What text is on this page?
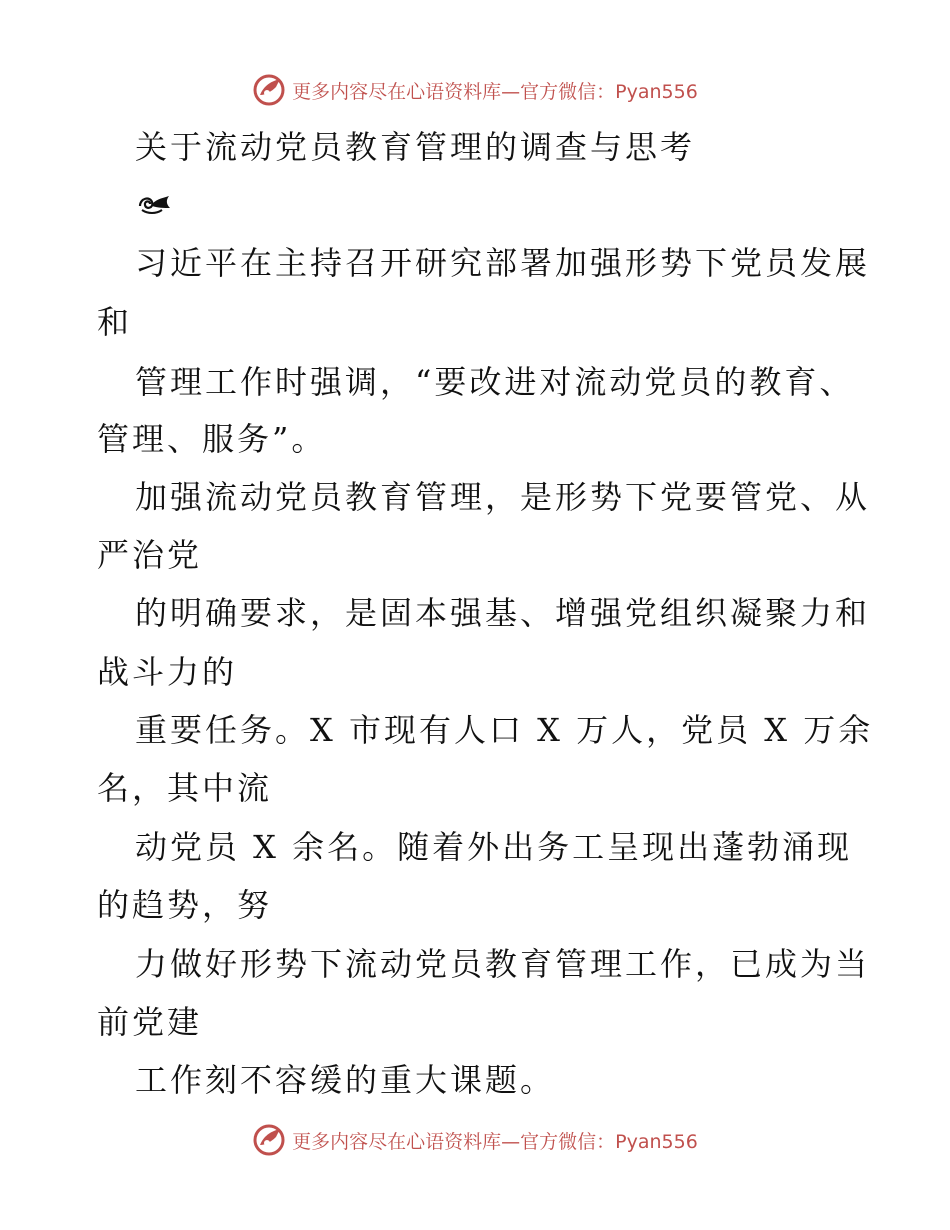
更多内容尽在心语资料库—官方微信：Pyan556
关于流动党员教育管理的调查与思考
习近平在主持召开研究部署加强形势下党员发展
和
管理工作时强调，“要改进对流动党员的教育、
管理、服务”。
加强流动党员教育管理，是形势下党要管党、从
严治党
的明确要求，是固本强基、增强党组织凝聚力和
战斗力的
重要任务。X 市现有人口 X 万人，党员 X 万余
名，其中流
动党员 X 余名。随着外出务工呈现出蓬勃涌现
的趋势，努
力做好形势下流动党员教育管理工作，已成为当
前党建
工作刻不容缓的重大课题。
更多内容尽在心语资料库—官方微信：Pyan556
